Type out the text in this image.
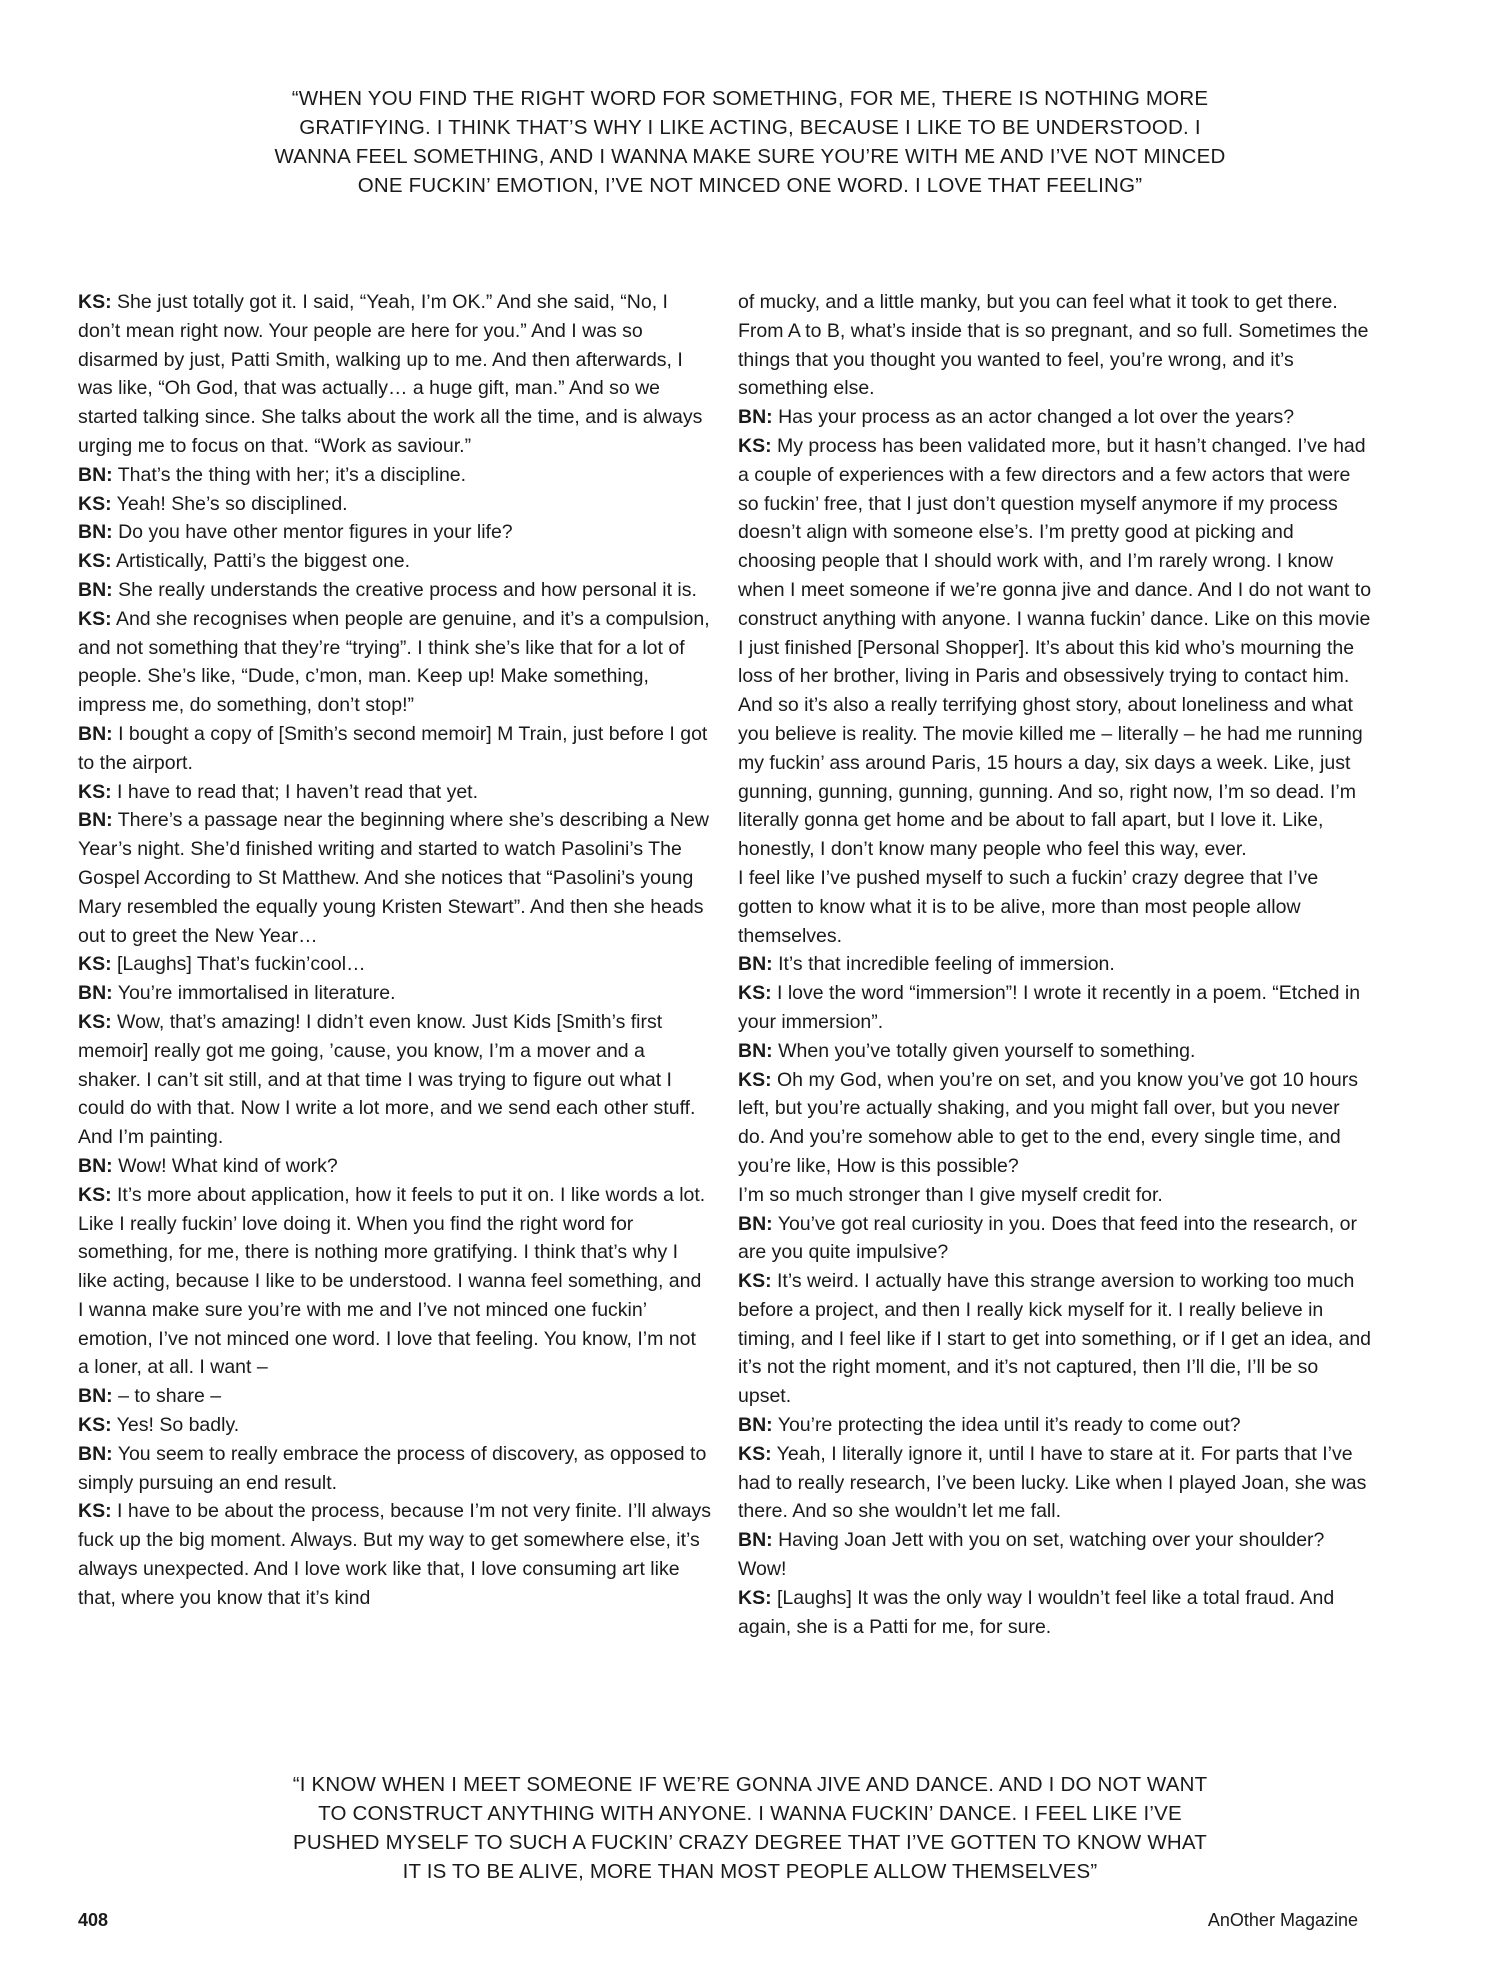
“WHEN YOU FIND THE RIGHT WORD FOR SOMETHING, FOR ME, THERE IS NOTHING MORE GRATIFYING. I THINK THAT’S WHY I LIKE ACTING, BECAUSE I LIKE TO BE UNDERSTOOD. I WANNA FEEL SOMETHING, AND I WANNA MAKE SURE YOU’RE WITH ME AND I’VE NOT MINCED ONE FUCKIN’ EMOTION, I’VE NOT MINCED ONE WORD. I LOVE THAT FEELING”

KS: She just totally got it. I said, “Yeah, I’m OK.” And she said, “No, I don’t mean right now. Your people are here for you.” And I was so disarmed by just, Patti Smith, walking up to me. And then afterwards, I was like, “Oh God, that was actually… a huge gift, man.” And so we started talking since. She talks about the work all the time, and is always urging me to focus on that. “Work as saviour.”

BN: That’s the thing with her; it’s a discipline.

KS: Yeah! She’s so disciplined.

BN: Do you have other mentor figures in your life?

KS: Artistically, Patti’s the biggest one.

BN: She really understands the creative process and how personal it is.

KS: And she recognises when people are genuine, and it’s a compulsion, and not something that they’re “trying”. I think she’s like that for a lot of people. She’s like, “Dude, c’mon, man. Keep up! Make something, impress me, do something, don’t stop!”

BN: I bought a copy of [Smith’s second memoir] M Train, just before I got to the airport.

KS: I have to read that; I haven’t read that yet.

BN: There’s a passage near the beginning where she’s describing a New Year’s night. She’d finished writing and started to watch Pasolini’s The Gospel According to St Matthew. And she notices that “Pasolini’s young Mary resembled the equally young Kristen Stewart”. And then she heads out to greet the New Year…

KS: [Laughs] That’s fuckin’cool…

BN: You’re immortalised in literature.

KS: Wow, that’s amazing! I didn’t even know. Just Kids [Smith’s first memoir] really got me going, ’cause, you know, I’m a mover and a shaker. I can’t sit still, and at that time I was trying to figure out what I could do with that. Now I write a lot more, and we send each other stuff. And I’m painting.

BN: Wow! What kind of work?

KS: It’s more about application, how it feels to put it on. I like words a lot. Like I really fuckin’ love doing it. When you find the right word for something, for me, there is nothing more gratifying. I think that’s why I like acting, because I like to be understood. I wanna feel something, and I wanna make sure you’re with me and I’ve not minced one fuckin’ emotion, I’ve not minced one word. I love that feeling. You know, I’m not a loner, at all. I want –

BN: – to share –

KS: Yes! So badly.

BN: You seem to really embrace the process of discovery, as opposed to simply pursuing an end result.

KS: I have to be about the process, because I’m not very finite. I’ll always fuck up the big moment. Always. But my way to get somewhere else, it’s always unexpected. And I love work like that, I love consuming art like that, where you know that it’s kind

of mucky, and a little manky, but you can feel what it took to get there. From A to B, what’s inside that is so pregnant, and so full. Sometimes the things that you thought you wanted to feel, you’re wrong, and it’s something else.

BN: Has your process as an actor changed a lot over the years?

KS: My process has been validated more, but it hasn’t changed. I’ve had a couple of experiences with a few directors and a few actors that were so fuckin’ free, that I just don’t question myself anymore if my process doesn’t align with someone else’s. I’m pretty good at picking and choosing people that I should work with, and I’m rarely wrong. I know when I meet someone if we’re gonna jive and dance. And I do not want to construct anything with anyone. I wanna fuckin’ dance. Like on this movie I just finished [Personal Shopper]. It’s about this kid who’s mourning the loss of her brother, living in Paris and obsessively trying to contact him. And so it’s also a really terrifying ghost story, about loneliness and what you believe is reality. The movie killed me – literally – he had me running my fuckin’ ass around Paris, 15 hours a day, six days a week. Like, just gunning, gunning, gunning, gunning. And so, right now, I’m so dead. I’m literally gonna get home and be about to fall apart, but I love it. Like, honestly, I don’t know many people who feel this way, ever.

I feel like I’ve pushed myself to such a fuckin’ crazy degree that I’ve gotten to know what it is to be alive, more than most people allow themselves.

BN: It’s that incredible feeling of immersion.

KS: I love the word “immersion”! I wrote it recently in a poem. “Etched in your immersion”.

BN: When you’ve totally given yourself to something.

KS: Oh my God, when you’re on set, and you know you’ve got 10 hours left, but you’re actually shaking, and you might fall over, but you never do. And you’re somehow able to get to the end, every single time, and you’re like, How is this possible?

I’m so much stronger than I give myself credit for.

BN: You’ve got real curiosity in you. Does that feed into the research, or are you quite impulsive?

KS: It’s weird. I actually have this strange aversion to working too much before a project, and then I really kick myself for it. I really believe in timing, and I feel like if I start to get into something, or if I get an idea, and it’s not the right moment, and it’s not captured, then I’ll die, I’ll be so upset.

BN: You’re protecting the idea until it’s ready to come out?

KS: Yeah, I literally ignore it, until I have to stare at it. For parts that I’ve had to really research, I’ve been lucky. Like when I played Joan, she was there. And so she wouldn’t let me fall.

BN: Having Joan Jett with you on set, watching over your shoulder? Wow!

KS: [Laughs] It was the only way I wouldn’t feel like a total fraud. And again, she is a Patti for me, for sure.

“I KNOW WHEN I MEET SOMEONE IF WE’RE GONNA JIVE AND DANCE. AND I DO NOT WANT TO CONSTRUCT ANYTHING WITH ANYONE. I WANNA FUCKIN’ DANCE. I FEEL LIKE I’VE PUSHED MYSELF TO SUCH A FUCKIN’ CRAZY DEGREE THAT I’VE GOTTEN TO KNOW WHAT IT IS TO BE ALIVE, MORE THAN MOST PEOPLE ALLOW THEMSELVES”

408	AnOther Magazine
